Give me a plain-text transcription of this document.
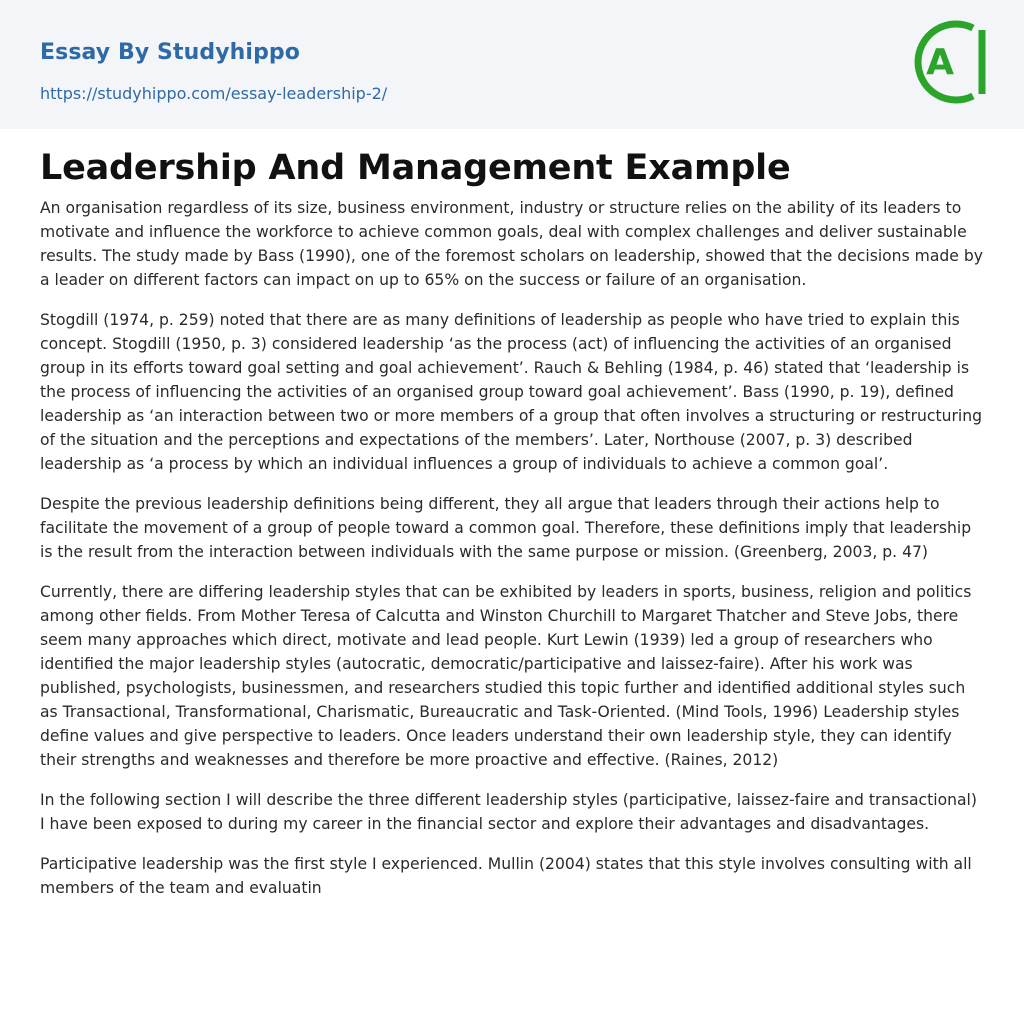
Essay By Studyhippo
https://studyhippo.com/essay-leadership-2/
A
Leadership And Management Example

An organisation regardless of its size, business environment, industry or structure relies on the ability of its leaders to motivate and influence the workforce to achieve common goals, deal with complex challenges and deliver sustainable results. The study made by Bass (1990), one of the foremost scholars on leadership, showed that the decisions made by a leader on different factors can impact on up to 65% on the success or failure of an organisation.

Stogdill (1974, p. 259) noted that there are as many definitions of leadership as people who have tried to explain this concept. Stogdill (1950, p. 3) considered leadership ‘as the process (act) of influencing the activities of an organised group in its efforts toward goal setting and goal achievement’. Rauch & Behling (1984, p. 46) stated that ‘leadership is the process of influencing the activities of an organised group toward goal achievement’. Bass (1990, p. 19), defined leadership as ‘an interaction between two or more members of a group that often involves a structuring or restructuring of the situation and the perceptions and expectations of the members’. Later, Northouse (2007, p. 3) described leadership as ‘a process by which an individual influences a group of individuals to achieve a common goal’.

Despite the previous leadership definitions being different, they all argue that leaders through their actions help to facilitate the movement of a group of people toward a common goal. Therefore, these definitions imply that leadership is the result from the interaction between individuals with the same purpose or mission. (Greenberg, 2003, p. 47)

Currently, there are differing leadership styles that can be exhibited by leaders in sports, business, religion and politics among other fields. From Mother Teresa of Calcutta and Winston Churchill to Margaret Thatcher and Steve Jobs, there seem many approaches which direct, motivate and lead people. Kurt Lewin (1939) led a group of researchers who identified the major leadership styles (autocratic, democratic/participative and laissez-faire). After his work was published, psychologists, businessmen, and researchers studied this topic further and identified additional styles such as Transactional, Transformational, Charismatic, Bureaucratic and Task-Oriented. (Mind Tools, 1996) Leadership styles define values and give perspective to leaders. Once leaders understand their own leadership style, they can identify their strengths and weaknesses and therefore be more proactive and effective. (Raines, 2012)

In the following section I will describe the three different leadership styles (participative, laissez-faire and transactional) I have been exposed to during my career in the financial sector and explore their advantages and disadvantages.

Participative leadership was the first style I experienced. Mullin (2004) states that this style involves consulting with all members of the team and evaluatin
